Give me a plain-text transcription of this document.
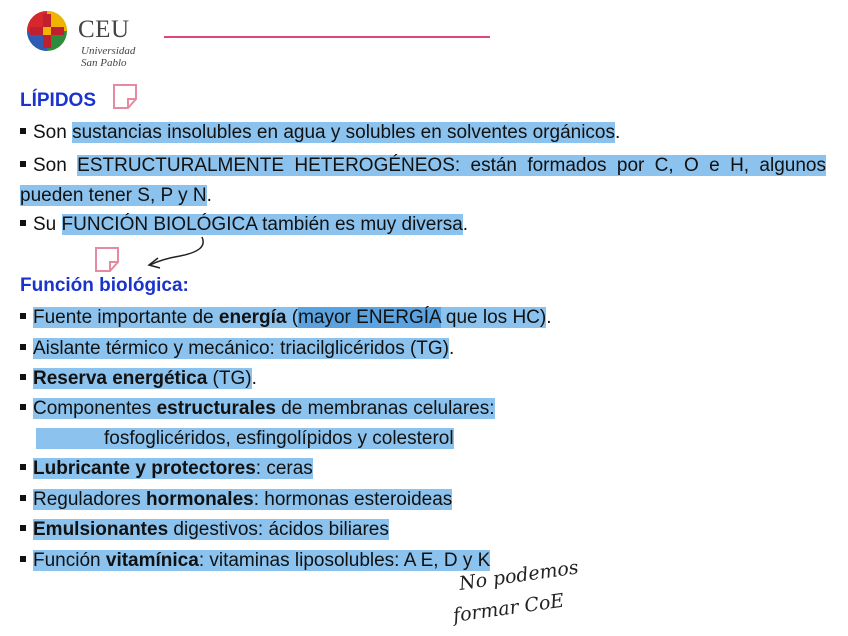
CEU
Universidad
San Pablo
LÍPIDOS
Son sustancias insolubles en agua y solubles en solventes orgánicos.
Son ESTRUCTURALMENTE HETEROGÉNEOS: están formados por C, O e H, algunos pueden tener S, P y N.
Su FUNCIÓN BIOLÓGICA también es muy diversa.
Función biológica:
Fuente importante de energía (mayor ENERGÍA que los HC).
Aislante térmico y mecánico: triacilglicéridos (TG).
Reserva energética (TG).
Componentes estructurales de membranas celulares:
fosfoglicéridos, esfingolípidos y colesterol
Lubricante y protectores: ceras
Reguladores hormonales: hormonas esteroideas
Emulsionantes digestivos: ácidos biliares
Función vitamínica: vitaminas liposolubles: A E, D y K
No podemos
formar CoE
